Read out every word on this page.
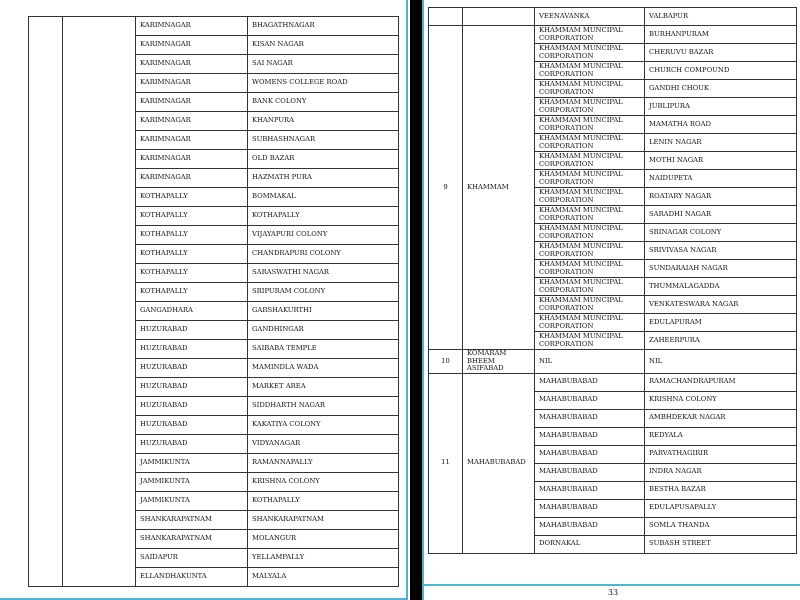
		KARIMNAGAR	BHAGATHNAGAR
		KARIMNAGAR	KISAN NAGAR
		KARIMNAGAR	SAI NAGAR
		KARIMNAGAR	WOMENS COLLEGE ROAD
		KARIMNAGAR	BANK COLONY
		KARIMNAGAR	KHANPURA
		KARIMNAGAR	SUBHASHNAGAR
		KARIMNAGAR	OLD BAZAR
		KARIMNAGAR	HAZMATH PURA
		KOTHAPALLY	BOMMAKAL
		KOTHAPALLY	KOTHAPALLY
		KOTHAPALLY	VIJAYAPURI COLONY
		KOTHAPALLY	CHANDRAPURI COLONY
		KOTHAPALLY	SARASWATHI NAGAR
		KOTHAPALLY	SRIPURAM COLONY
		GANGADHARA	GARSHAKURTHI
		HUZURABAD	GANDHINGAR
		HUZURABAD	SAIBABA TEMPLE
		HUZURABAD	MAMINDLA WADA
		HUZURABAD	MARKET AREA
		HUZURABAD	SIDDHARTH NAGAR
		HUZURABAD	KAKATIYA COLONY
		HUZURABAD	VIDYANAGAR
		JAMMIKUNTA	RAMANNAPALLY
		JAMMIKUNTA	KRISHNA COLONY
		JAMMIKUNTA	KOTHAPALLY
		SHANKARAPATNAM	SHANKARAPATNAM
		SHANKARAPATNAM	MOLANGUR
		SAIDAPUR	YELLAMPALLY
		ELLANDHAKUNTA	MALYALA
		VEENAVANKA	VALBAPUR
9	KHAMMAM	KHAMMAM MUNCIPAL CORPORATION	BURHANPURAM
		KHAMMAM MUNCIPAL CORPORATION	CHERUVU BAZAR
		KHAMMAM MUNCIPAL CORPORATION	CHURCH COMPOUND
		KHAMMAM MUNCIPAL CORPORATION	GANDHI CHOUK
		KHAMMAM MUNCIPAL CORPORATION	JUBLIPURA
		KHAMMAM MUNCIPAL CORPORATION	MAMATHA ROAD
		KHAMMAM MUNCIPAL CORPORATION	LENIN NAGAR
		KHAMMAM MUNCIPAL CORPORATION	MOTHI NAGAR
		KHAMMAM MUNCIPAL CORPORATION	NAIDUPETA
		KHAMMAM MUNCIPAL CORPORATION	ROATARY NAGAR
		KHAMMAM MUNCIPAL CORPORATION	SARADHI NAGAR
		KHAMMAM MUNCIPAL CORPORATION	SRINAGAR COLONY
		KHAMMAM MUNCIPAL CORPORATION	SRIVIVASA NAGAR
		KHAMMAM MUNCIPAL CORPORATION	SUNDARAIAH NAGAR
		KHAMMAM MUNCIPAL CORPORATION	THUMMALAGADDA
		KHAMMAM MUNCIPAL CORPORATION	VENKATESWARA NAGAR
		KHAMMAM MUNCIPAL CORPORATION	EDULAPURAM
		KHAMMAM MUNCIPAL CORPORATION	ZAHEERPURA
10	KOMARAM BHEEM ASIFABAD	NIL	NIL
11	MAHABUBABAD	MAHABUBABAD	RAMACHANDRAPURAM
		MAHABUBABAD	KRISHNA COLONY
		MAHABUBABAD	AMBHDEKAR NAGAR
		MAHABUBABAD	REDYALA
		MAHABUBABAD	PARVATHAGIRIR
		MAHABUBABAD	INDRA NAGAR
		MAHABUBABAD	BESTHA BAZAR
		MAHABUBABAD	EDULAPUSAPALLY
		MAHABUBABAD	SOMLA THANDA
		DORNAKAL	SUBASH STREET
33
